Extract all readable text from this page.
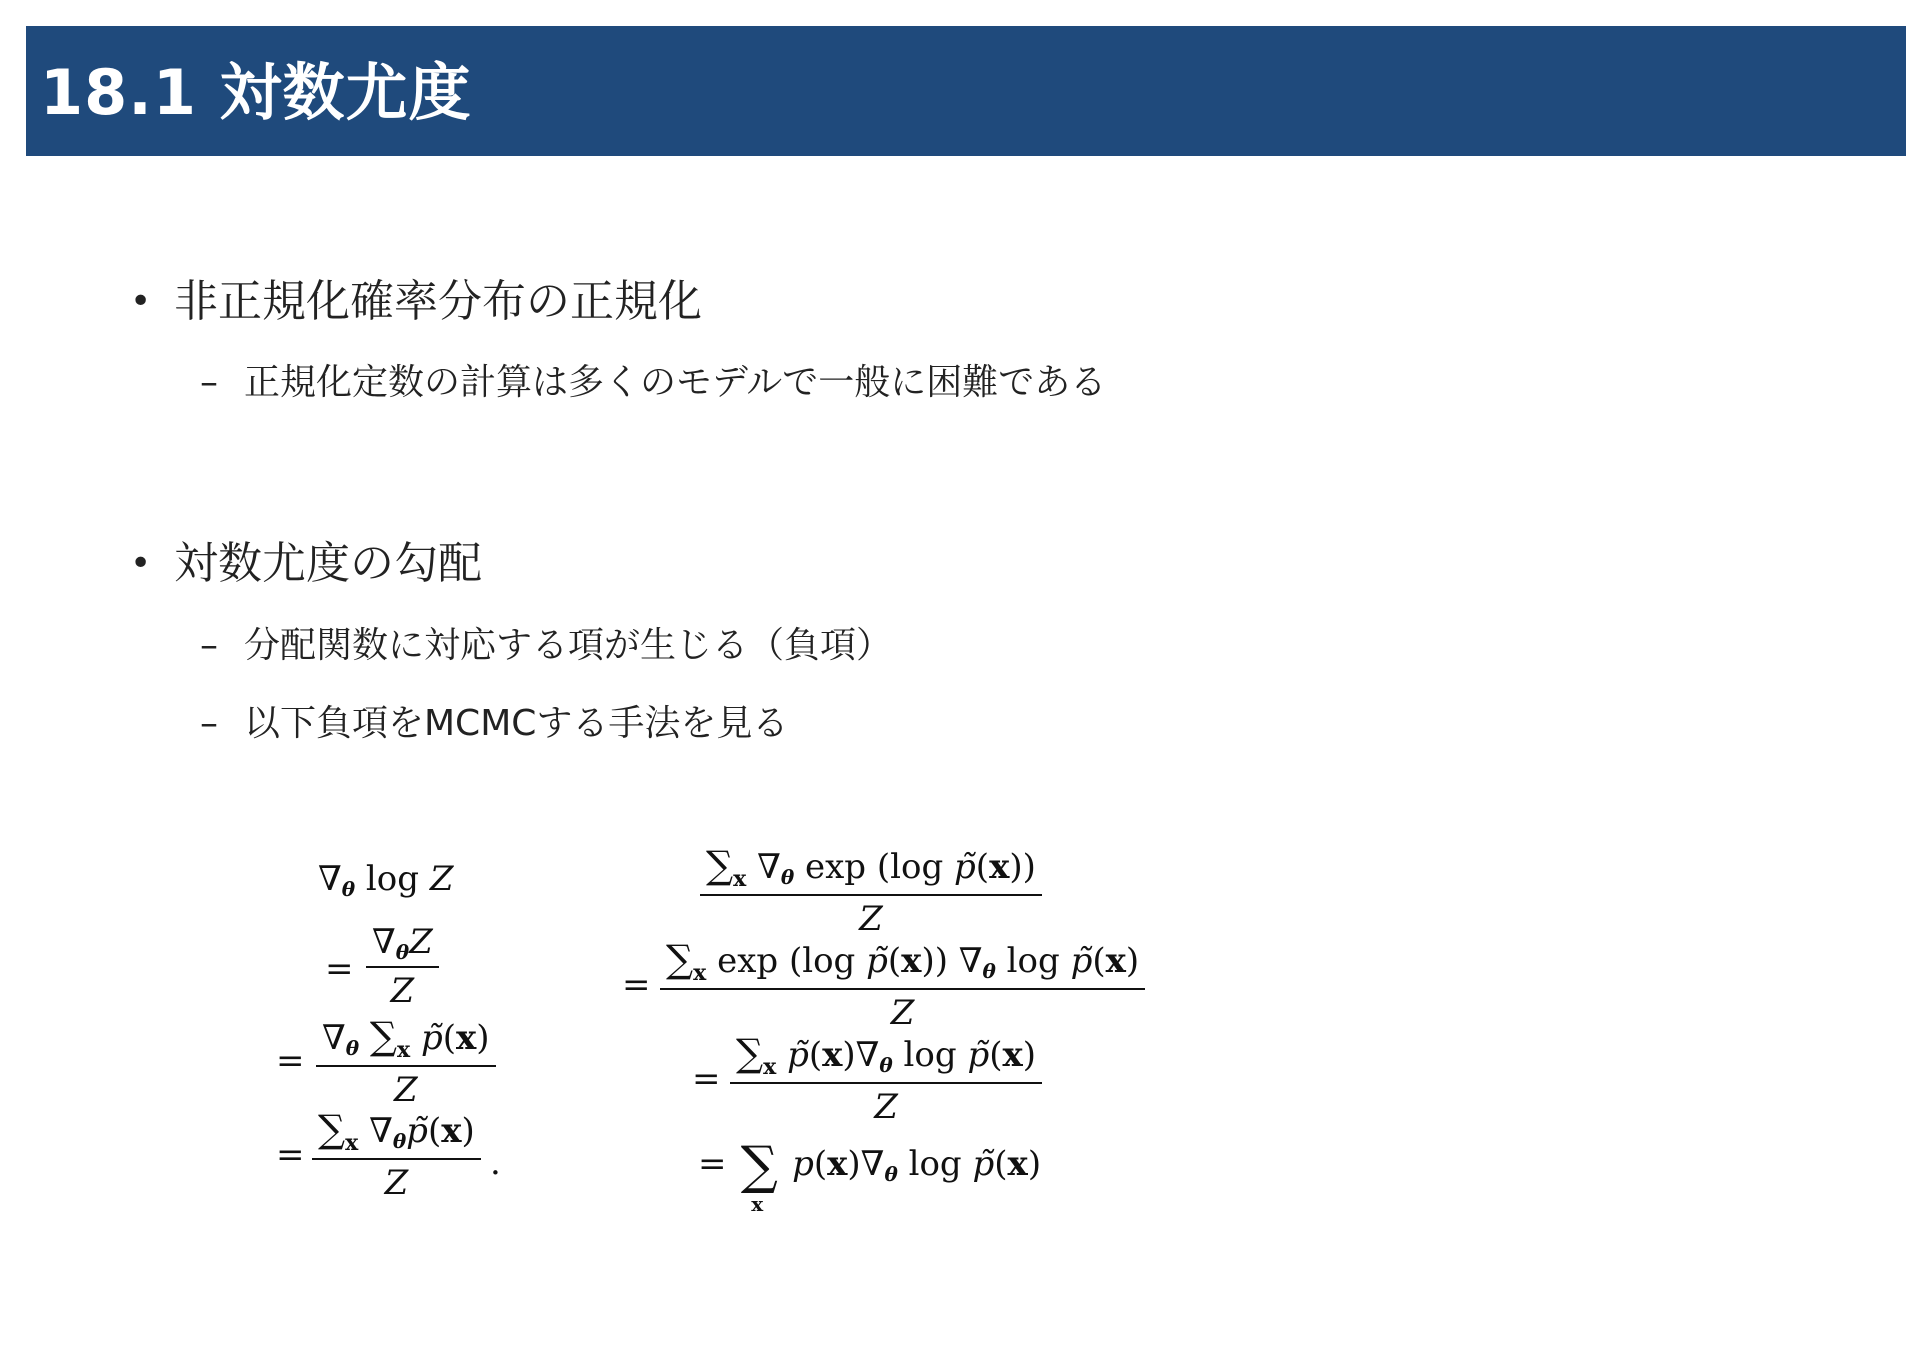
18.1 対数尤度
• 非正規化確率分布の正規化
– 正規化定数の計算は多くのモデルで一般に困難である
• 対数尤度の勾配
– 分配関数に対応する項が生じる（負項）
– 以下負項をMCMCする手法を見る
∇θ log Z
=
∇θZ
Z
=
∇θ $\sum_x$ p̃(x)
Z
=
$\sum_x$ ∇θp̃(x)
Z	.
$\sum_x$ ∇θ exp (log p̃(x))
Z
=
$\sum_x$ exp (log p̃(x)) ∇θ log p̃(x)
Z
=
$\sum_x$ p̃(x)∇θ log p̃(x)
Z
= ∑
x
p(x)∇θ log p̃(x)
